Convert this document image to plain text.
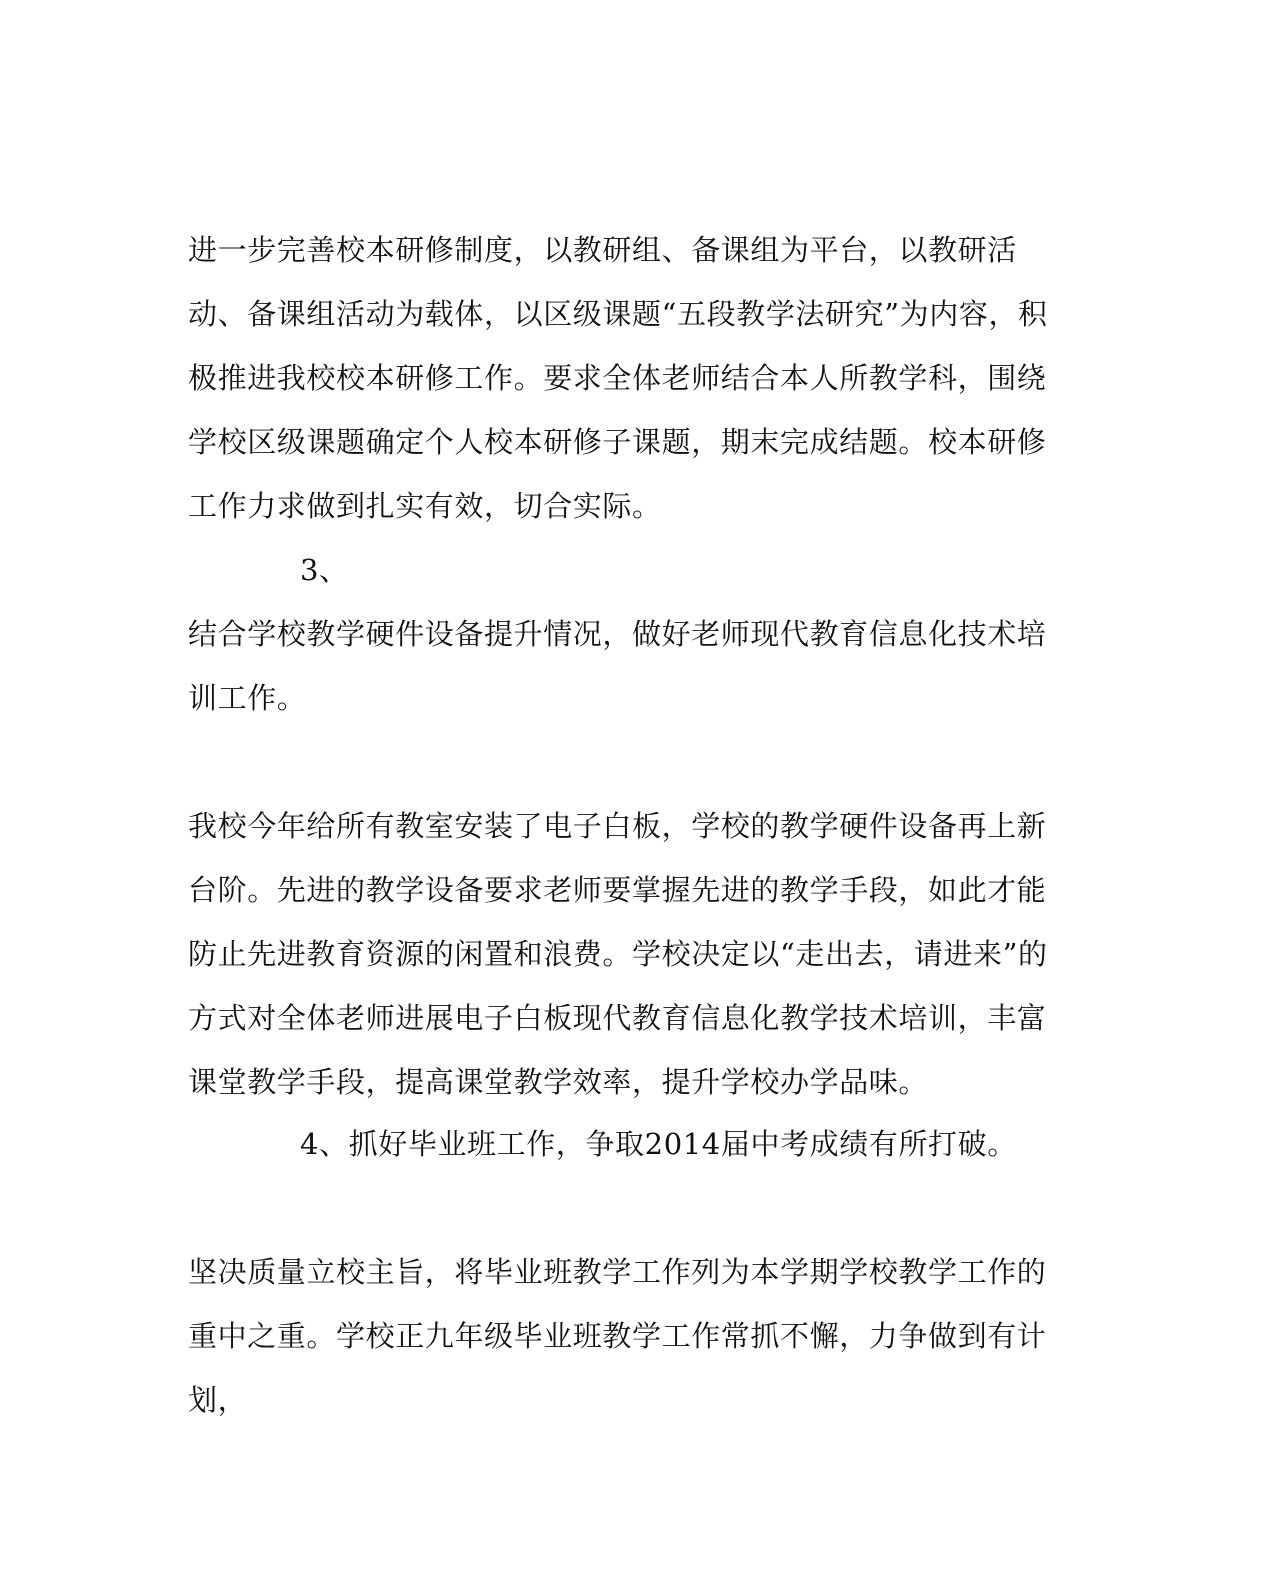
进一步完善校本研修制度，以教研组、备课组为平台，以教研活动、备课组活动为载体，以区级课题“五段教学法研究”为内容，积极推进我校校本研修工作。要求全体老师结合本人所教学科，围绕学校区级课题确定个人校本研修子课题，期末完成结题。校本研修工作力求做到扎实有效，切合实际。

3、

结合学校教学硬件设备提升情况，做好老师现代教育信息化技术培训工作。

我校今年给所有教室安装了电子白板，学校的教学硬件设备再上新台阶。先进的教学设备要求老师要掌握先进的教学手段，如此才能防止先进教育资源的闲置和浪费。学校决定以“走出去，请进来”的方式对全体老师进展电子白板现代教育信息化教学技术培训，丰富课堂教学手段，提高课堂教学效率，提升学校办学品味。

4、抓好毕业班工作，争取2014届中考成绩有所打破。

坚决质量立校主旨，将毕业班教学工作列为本学期学校教学工作的重中之重。学校正九年级毕业班教学工作常抓不懈，力争做到有计划，
